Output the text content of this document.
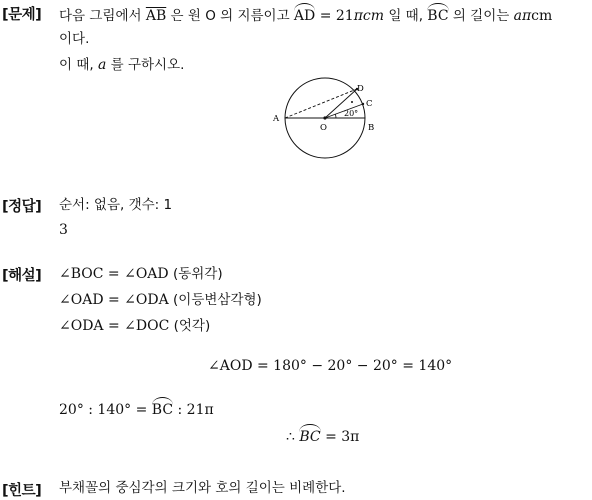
[문제] 다음 그림에서 $\overline{AB}$ 은 원 O 의 지름이고 AD = 21πcm 일 때, BC 의 길이는 aπcm
이다.
이 때, a 를 구하시오.
A
B
C
D
O
20°
[정답] 순서: 없음, 갯수: 1
3
[해설] ∠BOC = ∠OAD (동위각)
∠OAD = ∠ODA (이등변삼각형)
∠ODA = ∠DOC (엇각)
∠AOD = 180° − 20° − 20° = 140°
20° : 140° = BC : 21π
∴ BC = 3π
[힌트] 부채꼴의 중심각의 크기와 호의 길이는 비례한다.
